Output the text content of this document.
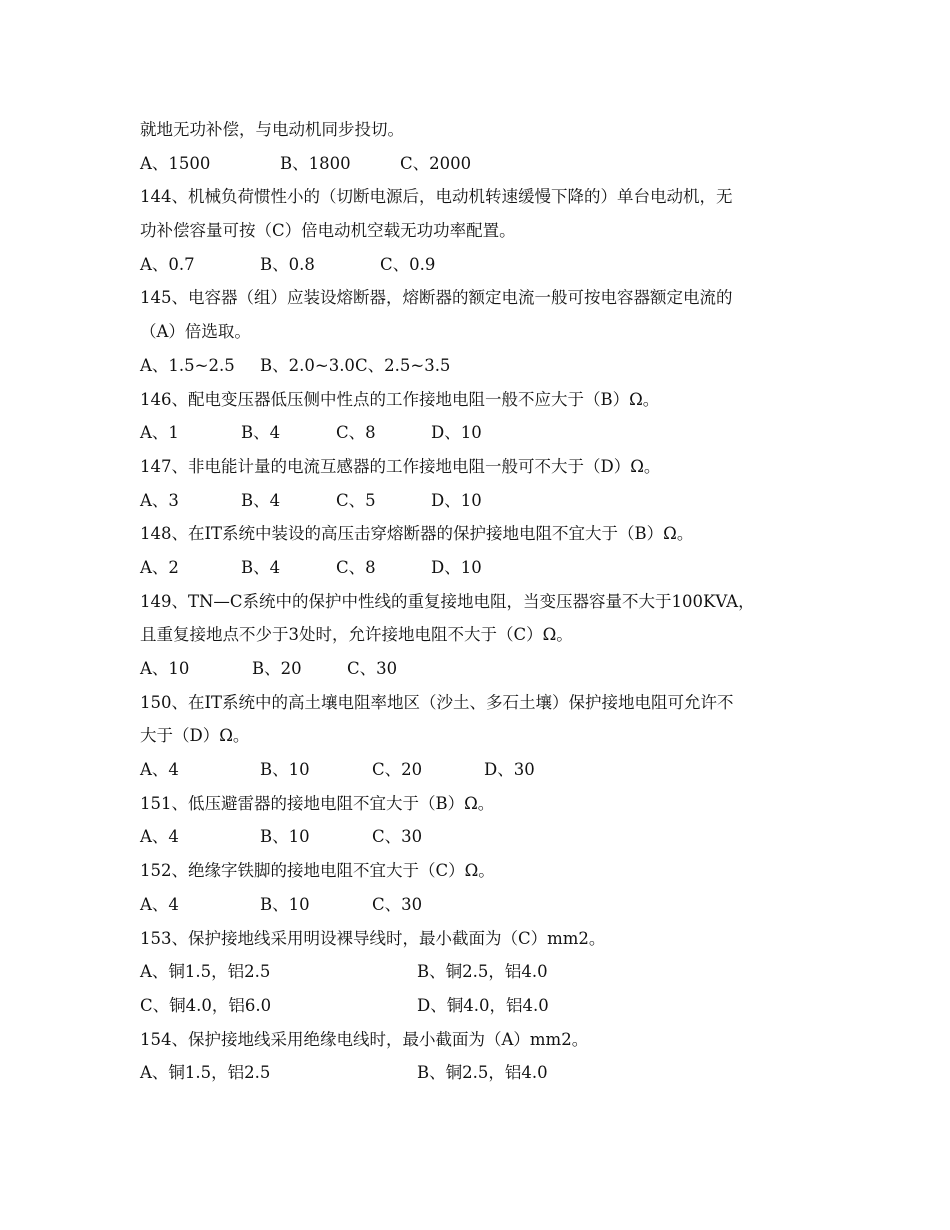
就地无功补偿，与电动机同步投切。
A、1500	B、1800	C、2000
144、机械负荷惯性小的（切断电源后，电动机转速缓慢下降的）单台电动机，无
功补偿容量可按（C）倍电动机空载无功功率配置。
A、0.7	B、0.8	C、0.9
145、电容器（组）应装设熔断器，熔断器的额定电流一般可按电容器额定电流的
（A）倍选取。
A、1.5~2.5 B、2.0~3.0C、2.5~3.5
146、配电变压器低压侧中性点的工作接地电阻一般不应大于（B）Ω。
A、1	B、4	C、8	D、10
147、非电能计量的电流互感器的工作接地电阻一般可不大于（D）Ω。
A、3	B、4	C、5	D、10
148、在IT系统中装设的高压击穿熔断器的保护接地电阻不宜大于（B）Ω。
A、2	B、4	C、8	D、10
149、TN—C系统中的保护中性线的重复接地电阻，当变压器容量不大于100KVA，
且重复接地点不少于3处时，允许接地电阻不大于（C）Ω。
A、10	B、20	C、30
150、在IT系统中的高土壤电阻率地区（沙土、多石土壤）保护接地电阻可允许不
大于（D）Ω。
A、4	B、10	C、20	D、30
151、低压避雷器的接地电阻不宜大于（B）Ω。
A、4	B、10	C、30
152、绝缘字铁脚的接地电阻不宜大于（C）Ω。
A、4	B、10	C、30
153、保护接地线采用明设裸导线时，最小截面为（C）mm2。
A、铜1.5，铝2.5	B、铜2.5，铝4.0
C、铜4.0，铝6.0	D、铜4.0，铝4.0
154、保护接地线采用绝缘电线时，最小截面为（A）mm2。
A、铜1.5，铝2.5	B、铜2.5，铝4.0
